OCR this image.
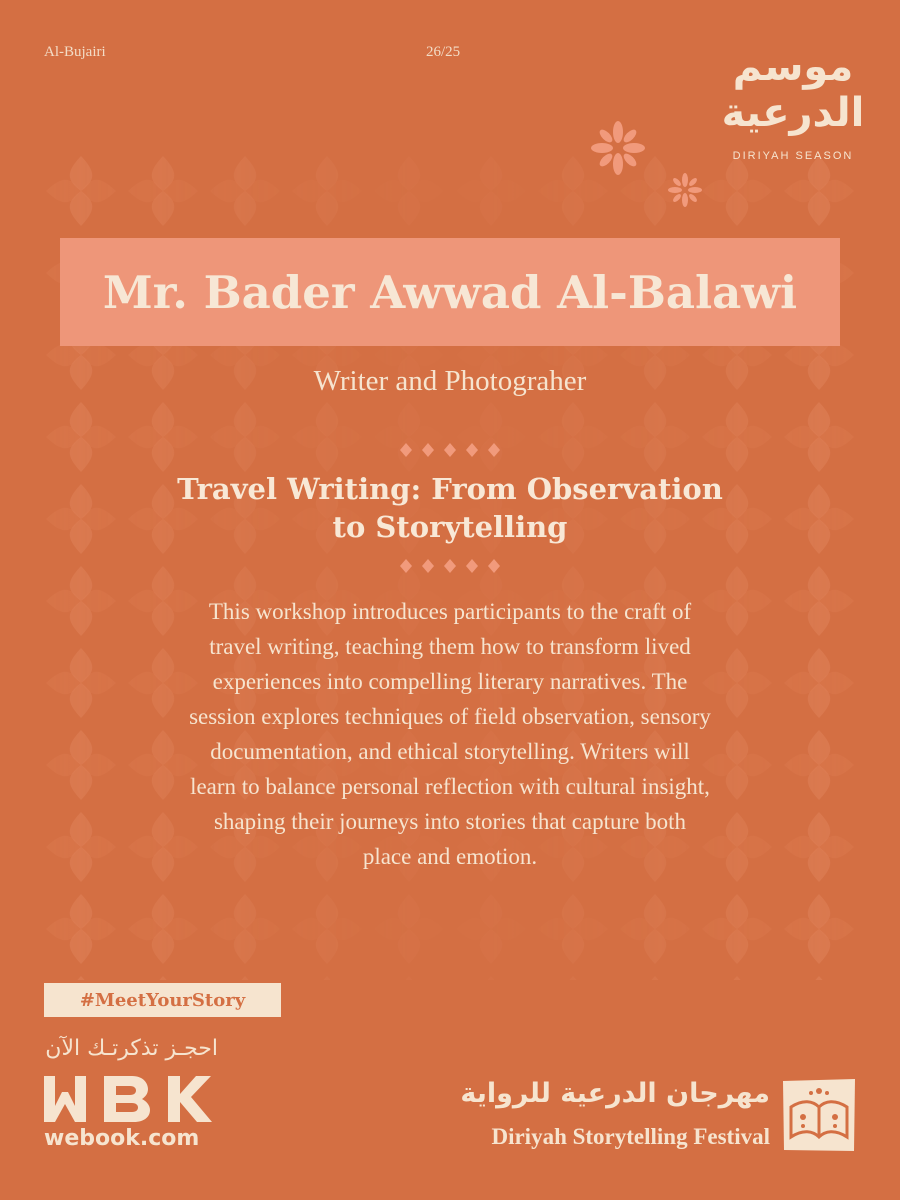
Al-Bujairi	26/25	موسم الدرعية
DIRIYAH SEASON
Mr. Bader Awwad Al-Balawi
Writer and Photograher
Travel Writing: From Observation
to Storytelling
This workshop introduces participants to the craft of
travel writing, teaching them how to transform lived
experiences into compelling literary narratives. The
session explores techniques of field observation, sensory
documentation, and ethical storytelling. Writers will
learn to balance personal reflection with cultural insight,
shaping their journeys into stories that capture both
place and emotion.
#MeetYourStory
احجـز تذكرتـك الآن
webook.com
مهرجان الدرعية للرواية
Diriyah Storytelling Festival
